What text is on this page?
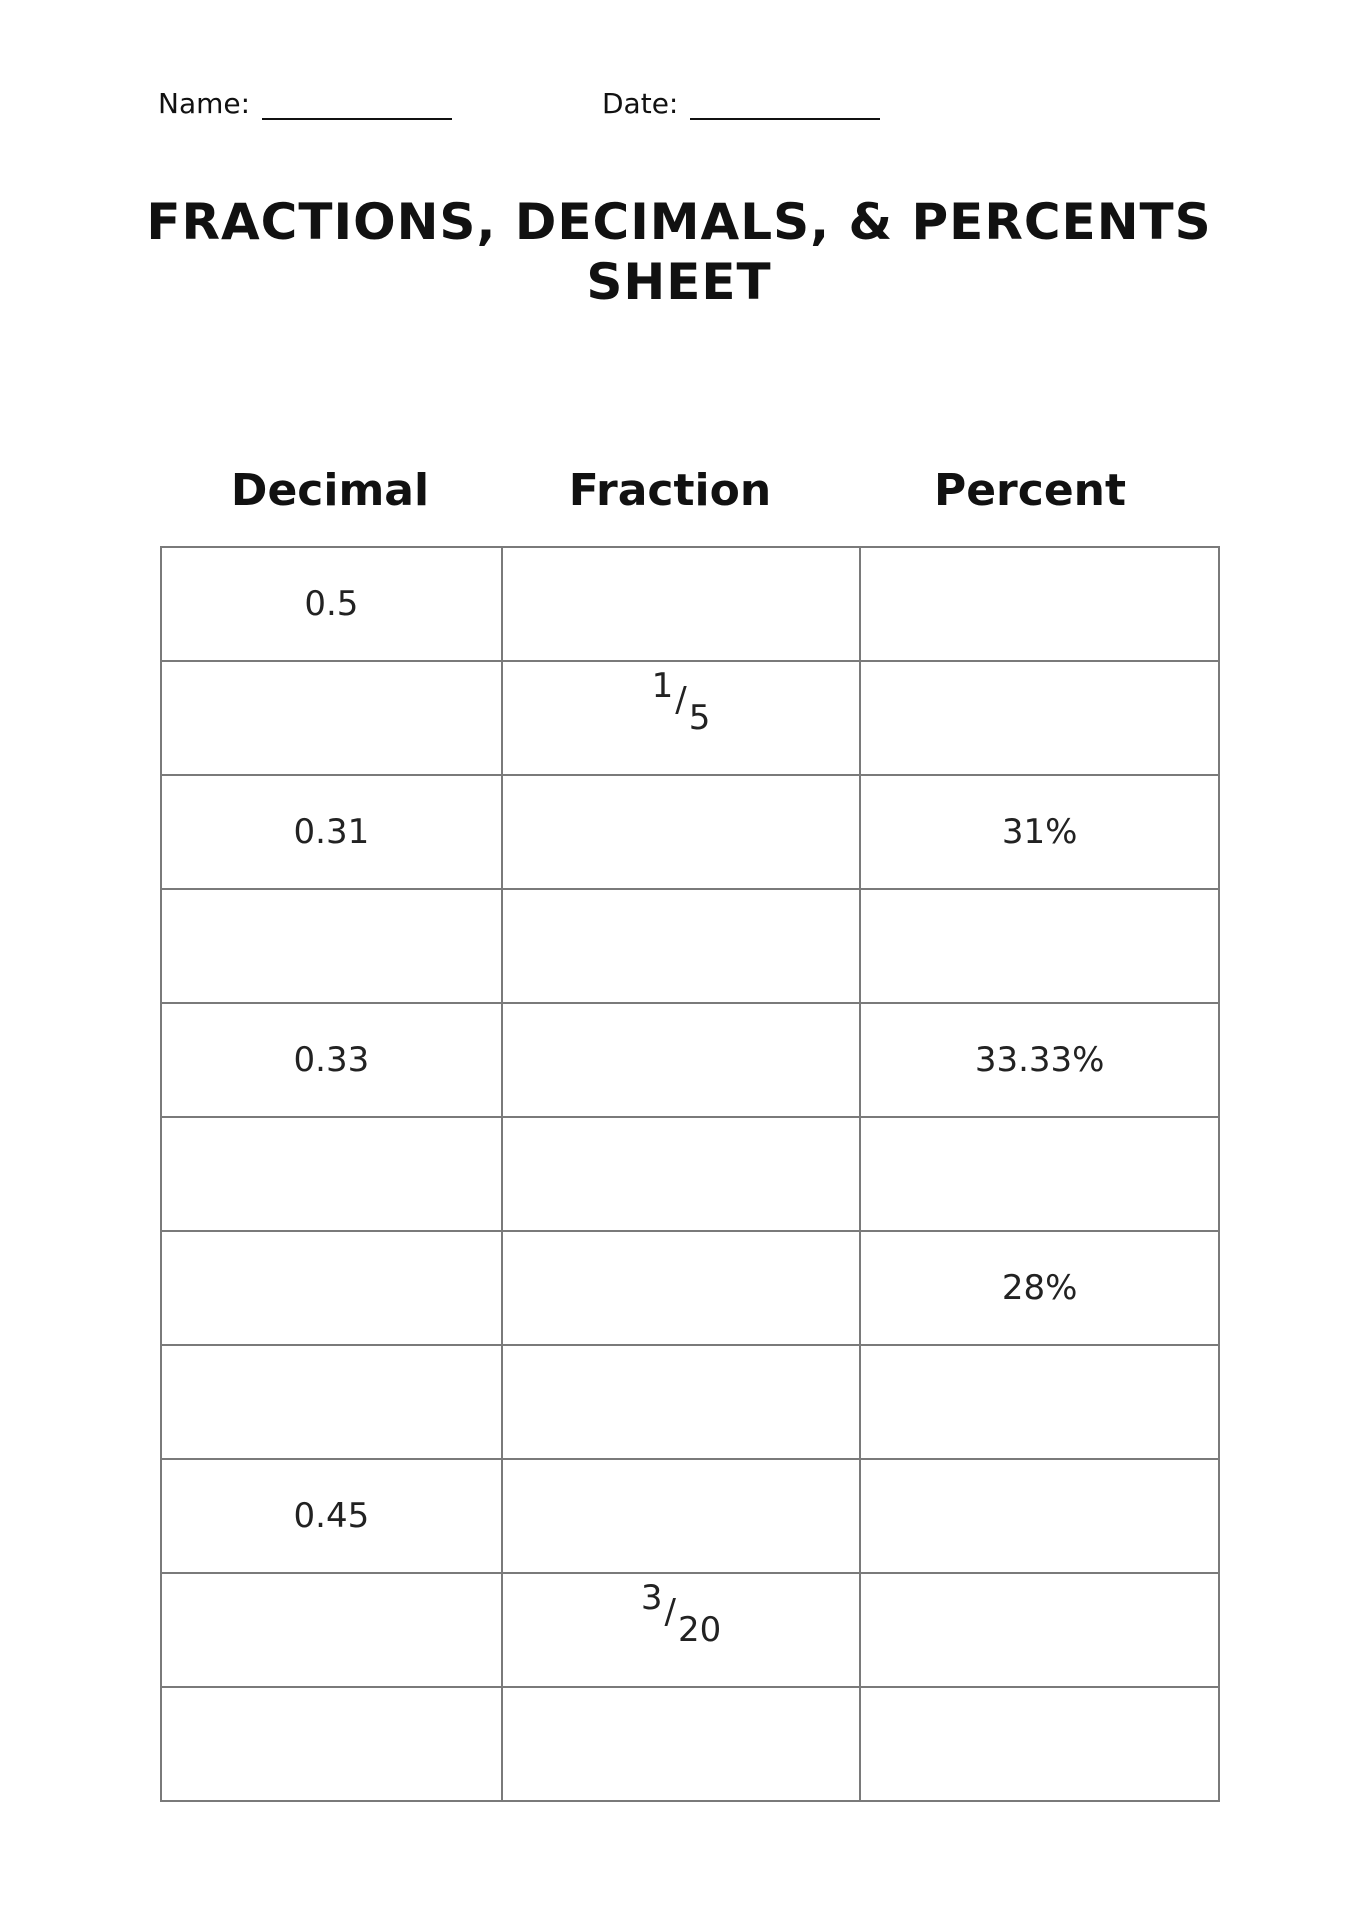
Name:	Date:
FRACTIONS, DECIMALS, & PERCENTS
SHEET
Decimal	Fraction	Percent
0.5		

	1/5	

0.31		31%

0.33		33.33%

		28%

0.45		

	3/20	
